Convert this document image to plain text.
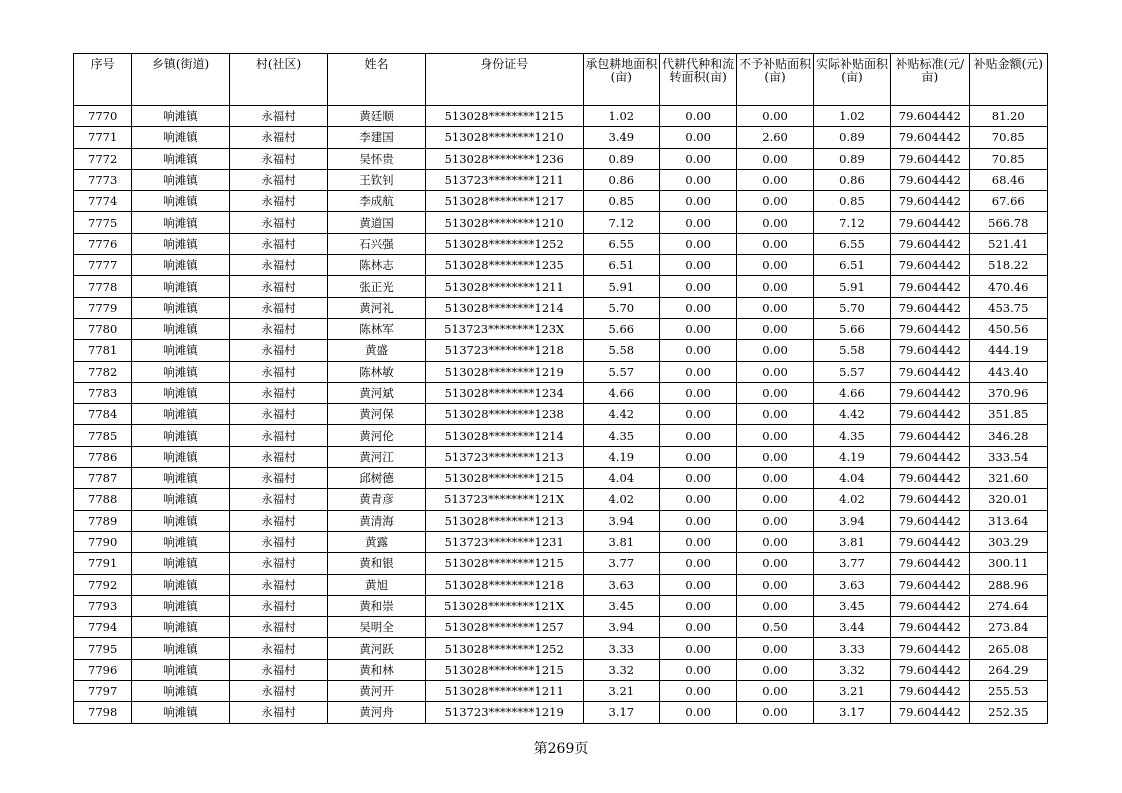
序号	乡镇(街道)	村(社区)	姓名	身份证号	承包耕地面积(亩)	代耕代种和流转面积(亩)	不予补贴面积(亩)	实际补贴面积(亩)	补贴标准(元/亩)	补贴金额(元)
7770	响滩镇	永福村	黄廷顺	513028********1215	1.02	0.00	0.00	1.02	79.604442	81.20
7771	响滩镇	永福村	李建国	513028********1210	3.49	0.00	2.60	0.89	79.604442	70.85
7772	响滩镇	永福村	吴怀贵	513028********1236	0.89	0.00	0.00	0.89	79.604442	70.85
7773	响滩镇	永福村	王钦钊	513723********1211	0.86	0.00	0.00	0.86	79.604442	68.46
7774	响滩镇	永福村	李成航	513028********1217	0.85	0.00	0.00	0.85	79.604442	67.66
7775	响滩镇	永福村	黄道国	513028********1210	7.12	0.00	0.00	7.12	79.604442	566.78
7776	响滩镇	永福村	石兴强	513028********1252	6.55	0.00	0.00	6.55	79.604442	521.41
7777	响滩镇	永福村	陈林志	513028********1235	6.51	0.00	0.00	6.51	79.604442	518.22
7778	响滩镇	永福村	张正光	513028********1211	5.91	0.00	0.00	5.91	79.604442	470.46
7779	响滩镇	永福村	黄河礼	513028********1214	5.70	0.00	0.00	5.70	79.604442	453.75
7780	响滩镇	永福村	陈林军	513723********123X	5.66	0.00	0.00	5.66	79.604442	450.56
7781	响滩镇	永福村	黄盛	513723********1218	5.58	0.00	0.00	5.58	79.604442	444.19
7782	响滩镇	永福村	陈林敏	513028********1219	5.57	0.00	0.00	5.57	79.604442	443.40
7783	响滩镇	永福村	黄河斌	513028********1234	4.66	0.00	0.00	4.66	79.604442	370.96
7784	响滩镇	永福村	黄河保	513028********1238	4.42	0.00	0.00	4.42	79.604442	351.85
7785	响滩镇	永福村	黄河伦	513028********1214	4.35	0.00	0.00	4.35	79.604442	346.28
7786	响滩镇	永福村	黄河江	513723********1213	4.19	0.00	0.00	4.19	79.604442	333.54
7787	响滩镇	永福村	邱树德	513028********1215	4.04	0.00	0.00	4.04	79.604442	321.60
7788	响滩镇	永福村	黄青彦	513723********121X	4.02	0.00	0.00	4.02	79.604442	320.01
7789	响滩镇	永福村	黄清海	513028********1213	3.94	0.00	0.00	3.94	79.604442	313.64
7790	响滩镇	永福村	黄露	513723********1231	3.81	0.00	0.00	3.81	79.604442	303.29
7791	响滩镇	永福村	黄和银	513028********1215	3.77	0.00	0.00	3.77	79.604442	300.11
7792	响滩镇	永福村	黄旭	513028********1218	3.63	0.00	0.00	3.63	79.604442	288.96
7793	响滩镇	永福村	黄和崇	513028********121X	3.45	0.00	0.00	3.45	79.604442	274.64
7794	响滩镇	永福村	吴明全	513028********1257	3.94	0.00	0.50	3.44	79.604442	273.84
7795	响滩镇	永福村	黄河跃	513028********1252	3.33	0.00	0.00	3.33	79.604442	265.08
7796	响滩镇	永福村	黄和林	513028********1215	3.32	0.00	0.00	3.32	79.604442	264.29
7797	响滩镇	永福村	黄河开	513028********1211	3.21	0.00	0.00	3.21	79.604442	255.53
7798	响滩镇	永福村	黄河舟	513723********1219	3.17	0.00	0.00	3.17	79.604442	252.35
第269页
